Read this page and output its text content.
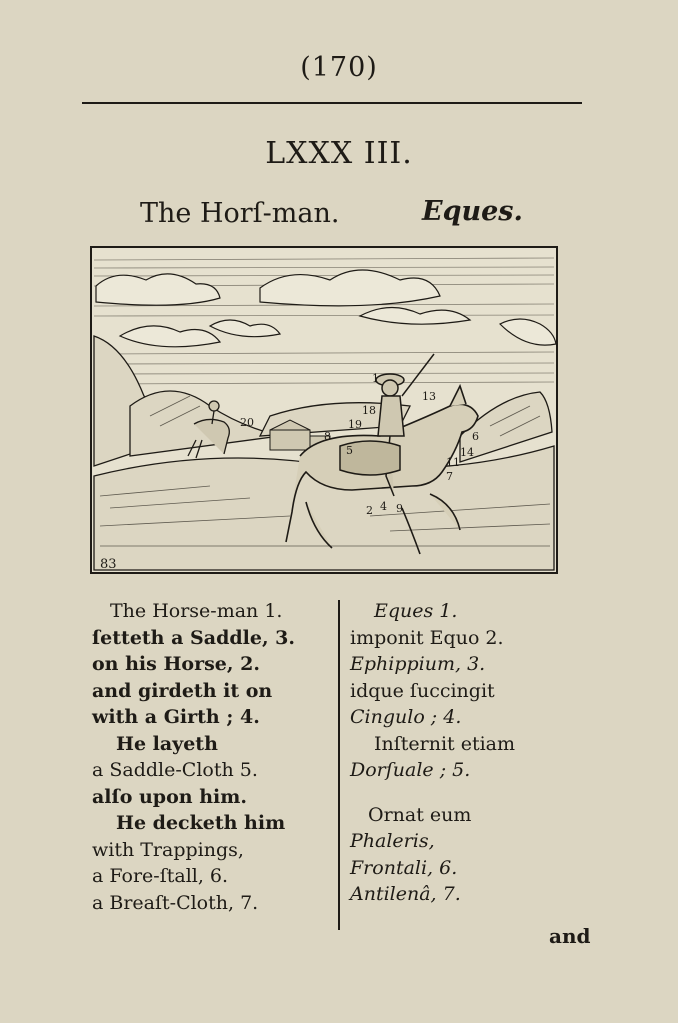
(170)
LXXX III.
The Horſ-man.	Eques.
1
2 4
5
6
7
8
9
11
13
14
18
19
20
83
The Horse-man 1.
ſetteth a Saddle, 3.
on his Horse, 2.
and girdeth it on
with a Girth ; 4.
He layeth
a Saddle-Cloth 5.
alſo upon him.
He decketh him
with Trappings,
a Fore-ſtall, 6.
a Breaſt-Cloth, 7.
Eques 1.
imponit Equo 2.
Ephippium, 3.
idque ſuccingit
Cingulo ; 4.
Inſternit etiam
Dorſuale ; 5.
Ornat eum
Phaleris,
Frontali, 6.
Antilenâ, 7.
and
